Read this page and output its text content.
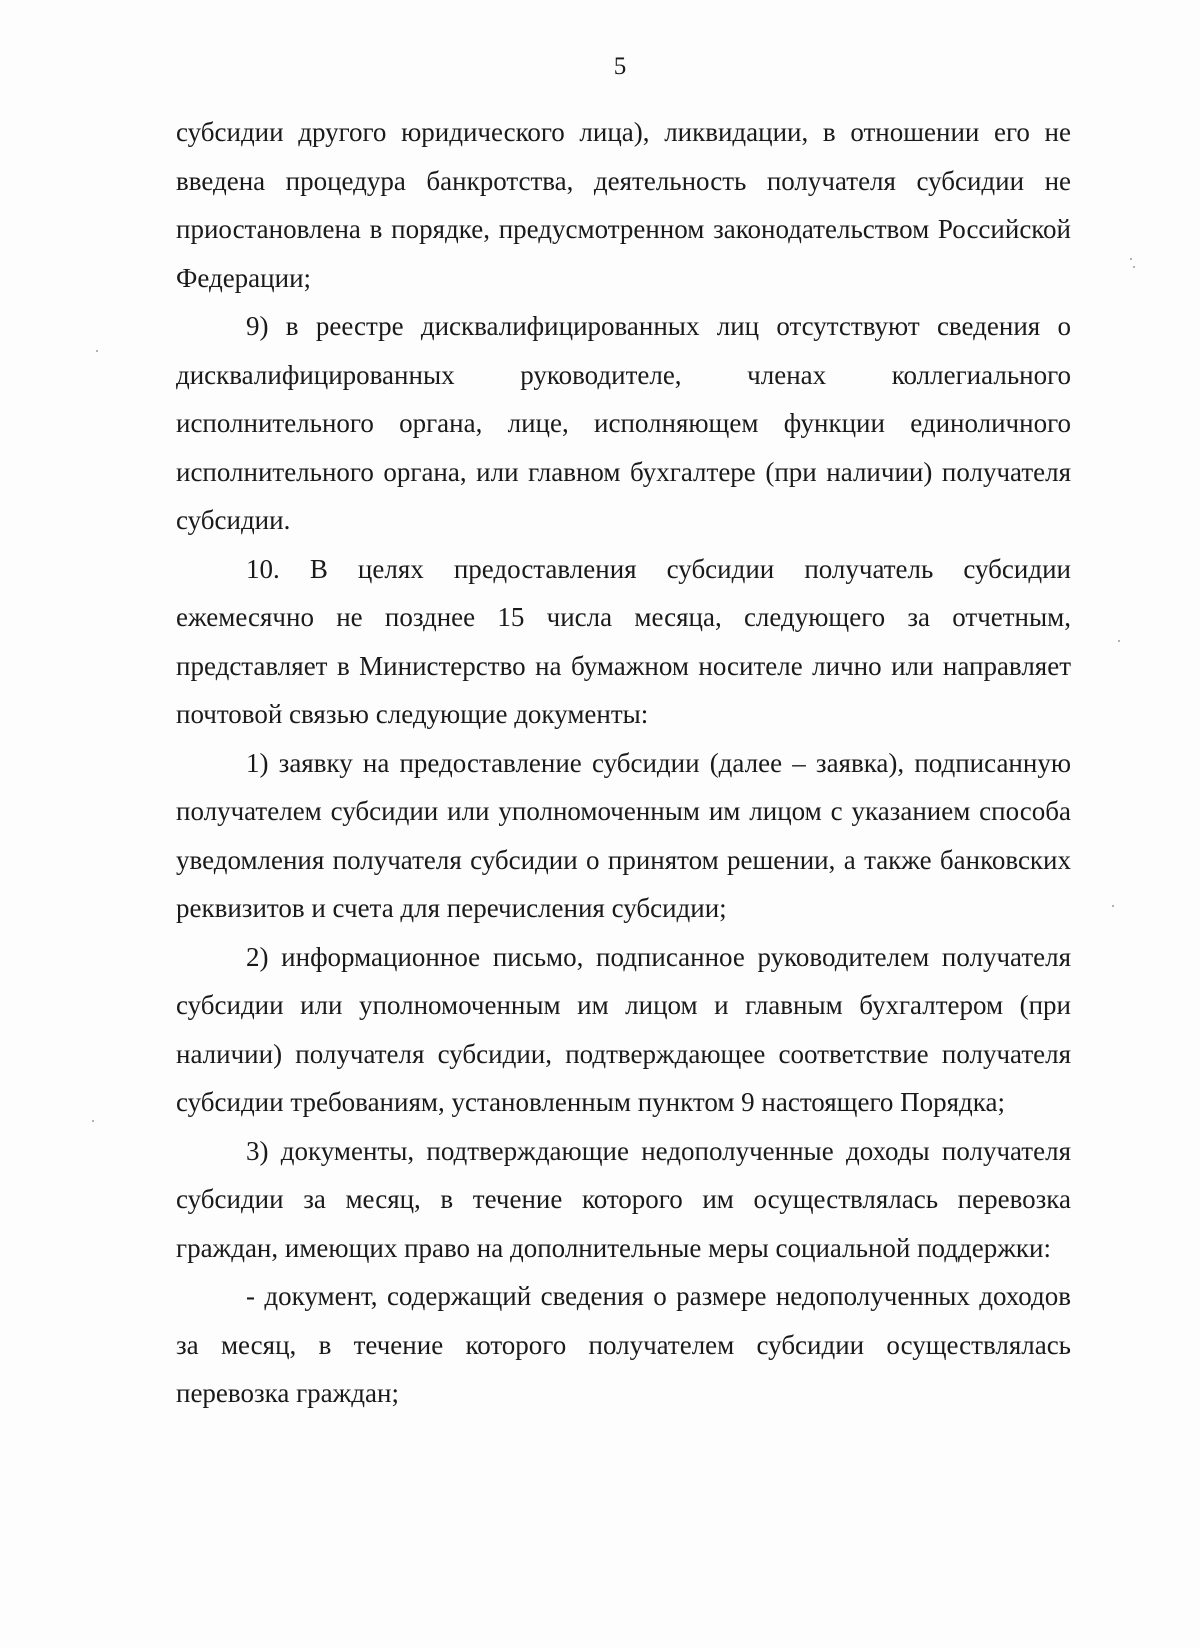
5

субсидии другого юридического лица), ликвидации, в отношении его не введена процедура банкротства, деятельность получателя субсидии не приостановлена в порядке, предусмотренном законодательством Российской Федерации;

9) в реестре дисквалифицированных лиц отсутствуют сведения о дисквалифицированных руководителе, членах коллегиального исполнительного органа, лице, исполняющем функции единоличного исполнительного органа, или главном бухгалтере (при наличии) получателя субсидии.

10. В целях предоставления субсидии получатель субсидии ежемесячно не позднее 15 числа месяца, следующего за отчетным, представляет в Министерство на бумажном носителе лично или направляет почтовой связью следующие документы:

1) заявку на предоставление субсидии (далее – заявка), подписанную получателем субсидии или уполномоченным им лицом с указанием способа уведомления получателя субсидии о принятом решении, а также банковских реквизитов и счета для перечисления субсидии;

2) информационное письмо, подписанное руководителем получателя субсидии или уполномоченным им лицом и главным бухгалтером (при наличии) получателя субсидии, подтверждающее соответствие получателя субсидии требованиям, установленным пунктом 9 настоящего Порядка;

3) документы, подтверждающие недополученные доходы получателя субсидии за месяц, в течение которого им осуществлялась перевозка граждан, имеющих право на дополнительные меры социальной поддержки:

- документ, содержащий сведения о размере недополученных доходов за месяц, в течение которого получателем субсидии осуществлялась перевозка граждан;
